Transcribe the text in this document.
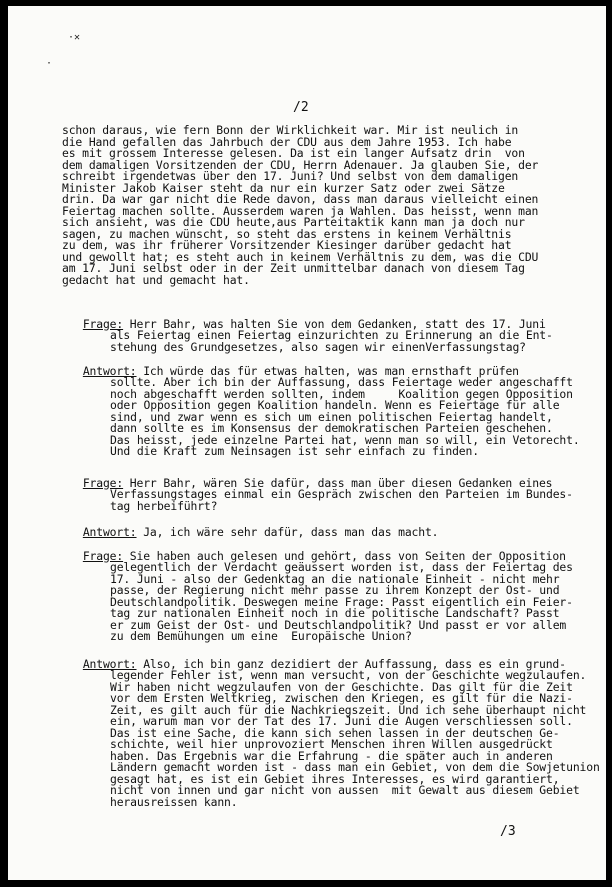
·✕
·
/2
schon daraus, wie fern Bonn der Wirklichkeit war. Mir ist neulich in
die Hand gefallen das Jahrbuch der CDU aus dem Jahre 1953. Ich habe
es mit grossem Interesse gelesen. Da ist ein langer Aufsatz drin  von
dem damaligen Vorsitzenden der CDU, Herrn Adenauer. Ja glauben Sie, der
schreibt irgendetwas über den 17. Juni? Und selbst von dem damaligen
Minister Jakob Kaiser steht da nur ein kurzer Satz oder zwei Sätze
drin. Da war gar nicht die Rede davon, dass man daraus vielleicht einen
Feiertag machen sollte. Ausserdem waren ja Wahlen. Das heisst, wenn man
sich ansieht, was die CDU heute,aus Parteitaktik kann man ja doch nur
sagen, zu machen wünscht, so steht das erstens in keinem Verhältnis
zu dem, was ihr früherer Vorsitzender Kiesinger darüber gedacht hat
und gewollt hat; es steht auch in keinem Verhältnis zu dem, was die CDU
am 17. Juni selbst oder in der Zeit unmittelbar danach von diesem Tag
gedacht hat und gemacht hat.

Frage: Herr Bahr, was halten Sie von dem Gedanken, statt des 17. Juni
als Feiertag einen Feiertag einzurichten zu Erinnerung an die Ent-
stehung des Grundgesetzes, also sagen wir einenVerfassungstag?

Antwort: Ich würde das für etwas halten, was man ernsthaft prüfen
sollte. Aber ich bin der Auffassung, dass Feiertage weder angeschafft
noch abgeschafft werden sollten, indem     Koalition gegen Opposition
oder Opposition gegen Koalition handeln. Wenn es Feiertage für alle
sind, und zwar wenn es sich um einen politischen Feiertag handelt,
dann sollte es im Konsensus der demokratischen Parteien geschehen.
Das heisst, jede einzelne Partei hat, wenn man so will, ein Vetorecht.
Und die Kraft zum Neinsagen ist sehr einfach zu finden.

Frage: Herr Bahr, wären Sie dafür, dass man über diesen Gedanken eines
Verfassungstages einmal ein Gespräch zwischen den Parteien im Bundes-
tag herbeiführt?

Antwort: Ja, ich wäre sehr dafür, dass man das macht.

Frage: Sie haben auch gelesen und gehört, dass von Seiten der Opposition
gelegentlich der Verdacht geäussert worden ist, dass der Feiertag des
17. Juni - also der Gedenktag an die nationale Einheit - nicht mehr
passe, der Regierung nicht mehr passe zu ihrem Konzept der Ost- und
Deutschlandpolitik. Deswegen meine Frage: Passt eigentlich ein Feier-
tag zur nationalen Einheit noch in die politische Landschaft? Passt
er zum Geist der Ost- und Deutschlandpolitik? Und passt er vor allem
zu dem Bemühungen um eine  Europäische Union?

Antwort: Also, ich bin ganz dezidiert der Auffassung, dass es ein grund-
legender Fehler ist, wenn man versucht, von der Geschichte wegzulaufen.
Wir haben nicht wegzulaufen von der Geschichte. Das gilt für die Zeit
vor dem Ersten Weltkrieg, zwischen den Kriegen, es gilt für die Nazi-
Zeit, es gilt auch für die Nachkriegszeit. Und ich sehe überhaupt nicht
ein, warum man vor der Tat des 17. Juni die Augen verschliessen soll.
Das ist eine Sache, die kann sich sehen lassen in der deutschen Ge-
schichte, weil hier unprovoziert Menschen ihren Willen ausgedrückt
haben. Das Ergebnis war die Erfahrung - die später auch in anderen
Ländern gemacht worden ist - dass man ein Gebiet, von dem die Sowjetunion
gesagt hat, es ist ein Gebiet ihres Interesses, es wird garantiert,
nicht von innen und gar nicht von aussen  mit Gewalt aus diesem Gebiet
herausreissen kann.

/3
